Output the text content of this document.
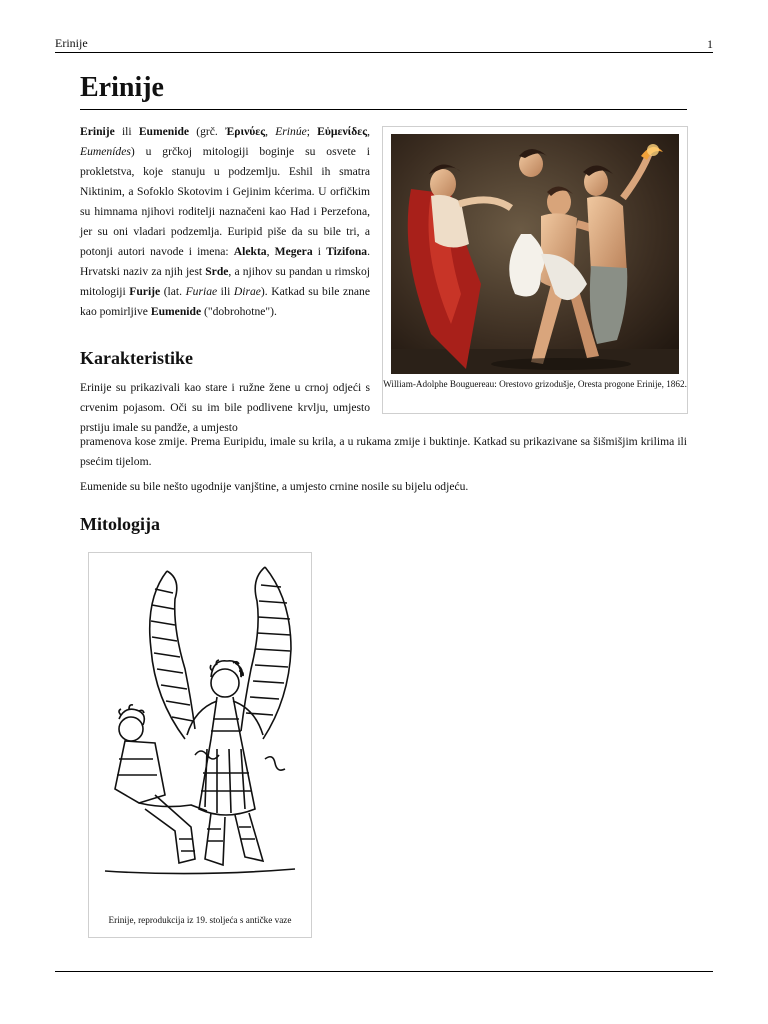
Erinije	1
Erinije

Erinije ili Eumenide (grč. Ἐρινύες, Erinúe; Εὐμενίδες, Eumenídes) u grčkoj mitologiji boginje su osvete i prokletstva, koje stanuju u podzemlju. Eshil ih smatra Niktinim, a Sofoklo Skotovim i Gejinim kćerima. U orfičkim su himnama njihovi roditelji naznačeni kao Had i Perzefona, jer su oni vladari podzemlja. Euripid piše da su bile tri, a potonji autori navode i imena: Alekta, Megera i Tizifona. Hrvatski naziv za njih jest Srde, a njihov su pandan u rimskoj mitologiji Furije (lat. Furiae ili Dirae). Katkad su bile znane kao pomirljive Eumenide ("dobrohotne").

Karakteristike
Erinije su prikazivali kao stare i ružne žene u crnoj odjeći s crvenim pojasom. Oči su im bile podlivene krvlju, umjesto prstiju imale su pandže, a umjesto
pramenova kose zmije. Prema Euripidu, imale su krila, a u rukama zmije i buktinje. Katkad su prikazivane sa šišmišjim krilima ili psećim tijelom.
Eumenide su bile nešto ugodnije vanjštine, a umjesto crnine nosile su bijelu odjeću.
Mitologija
William-Adolphe Bouguereau: Orestovo grizodušje, Oresta progone Erinije, 1862.
Erinije, reprodukcija iz 19. stoljeća s antičke vaze
